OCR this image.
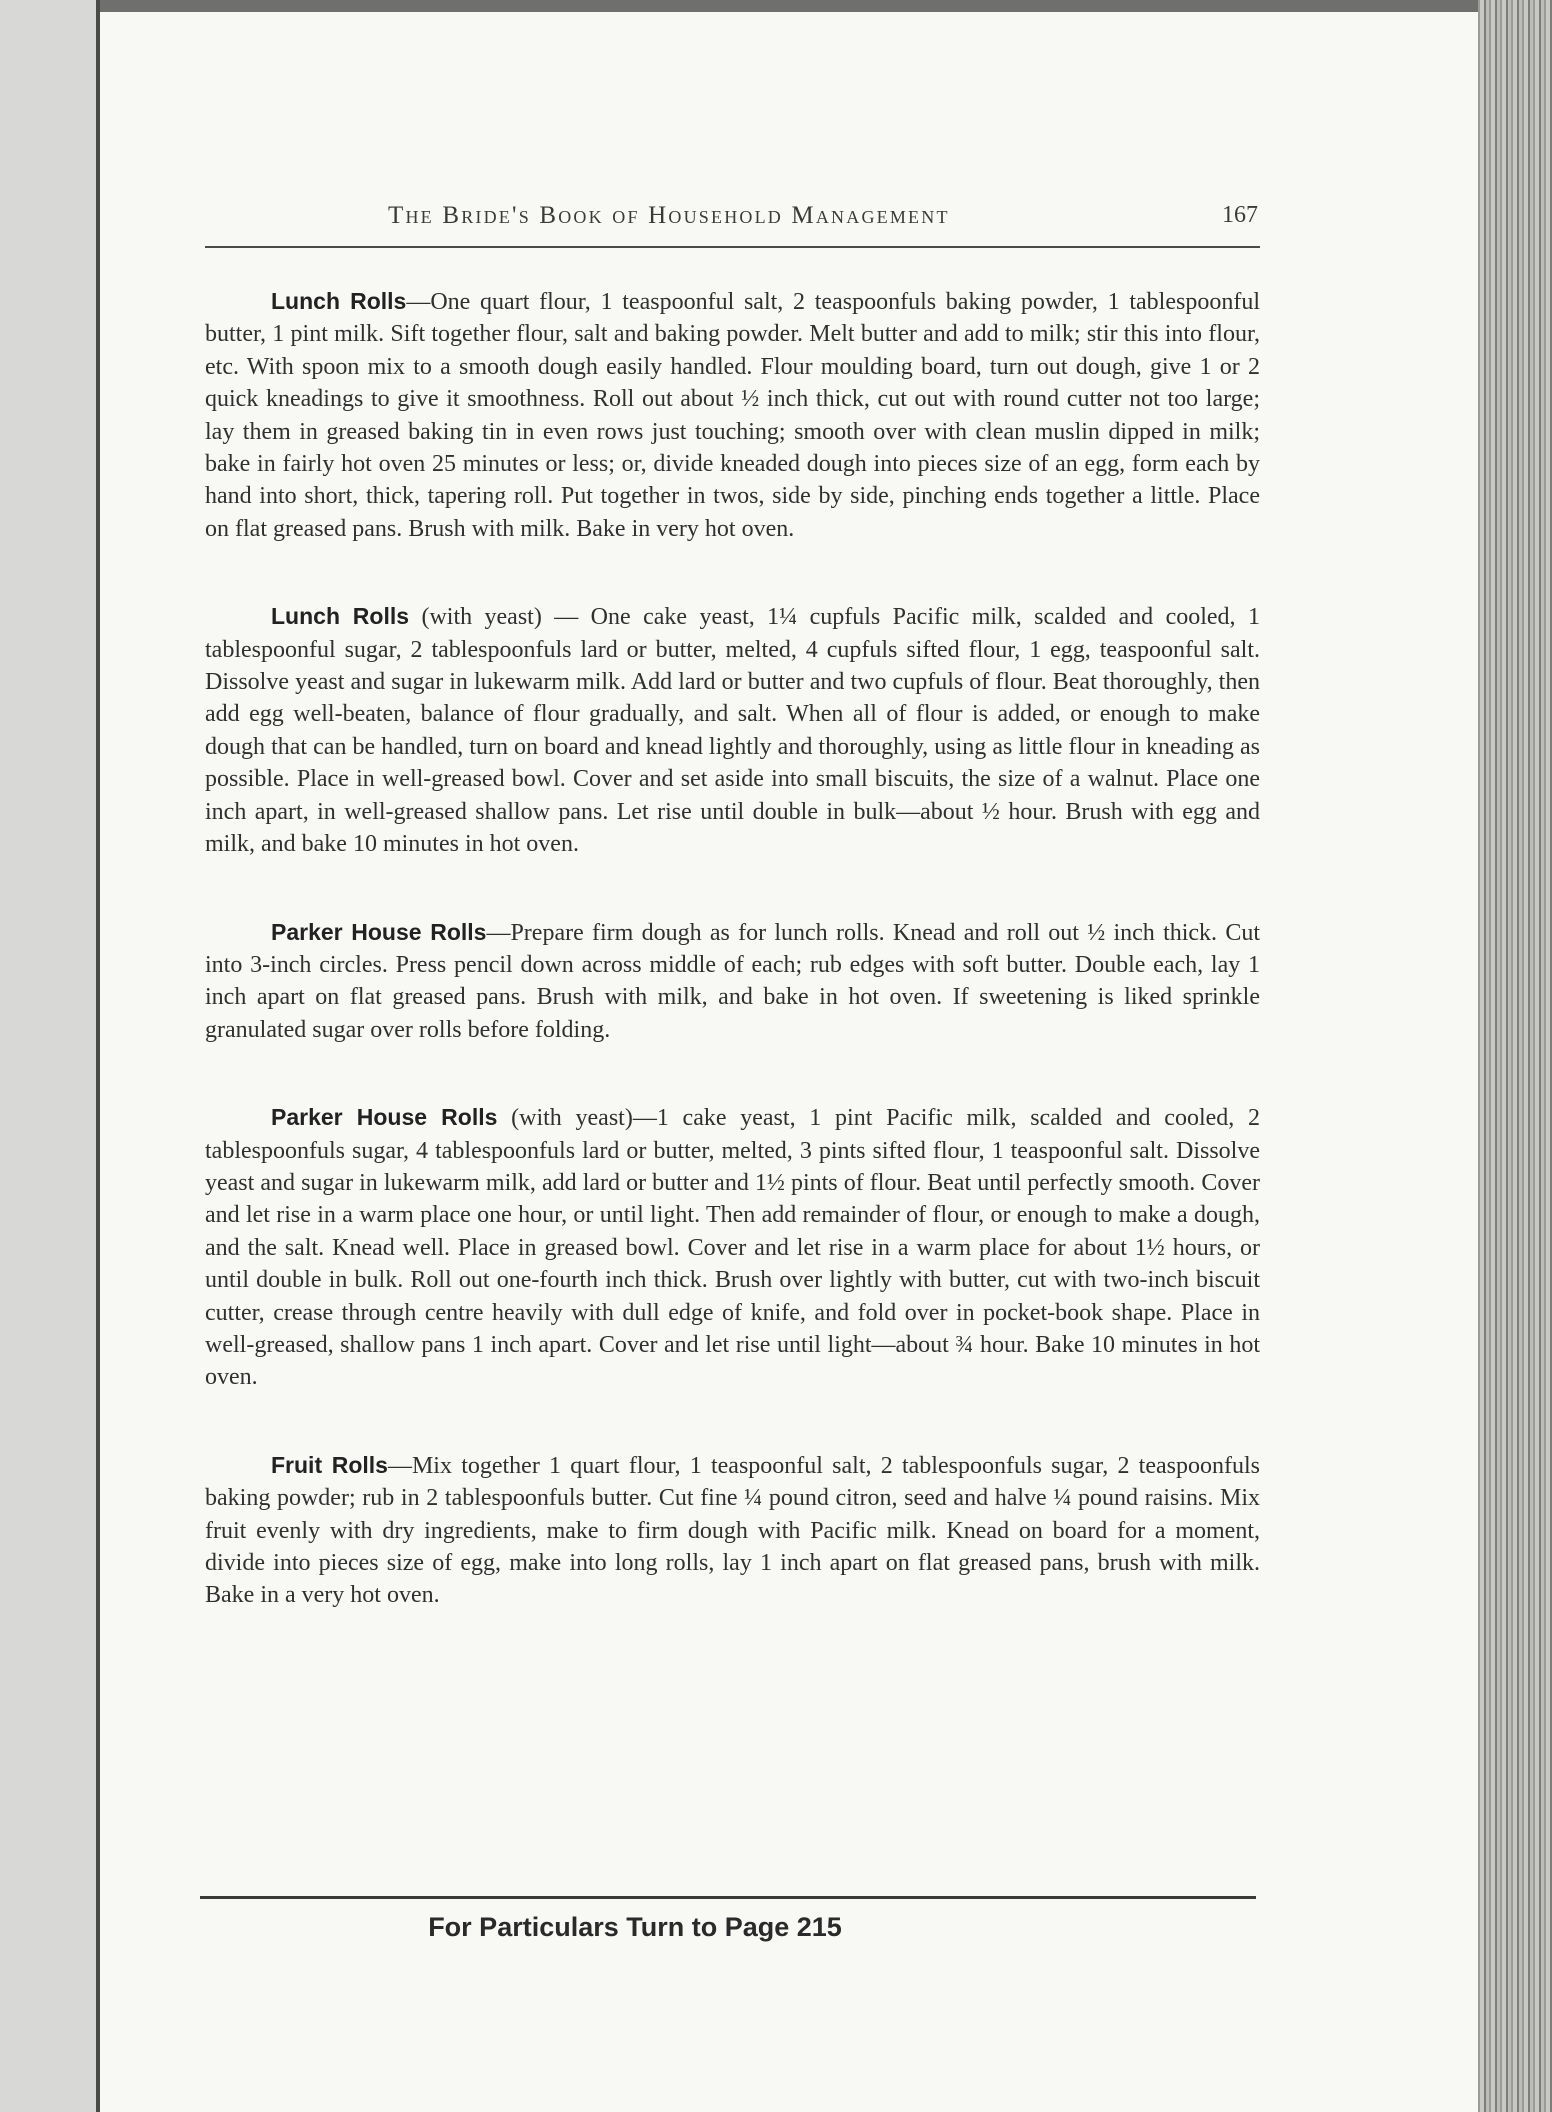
The Bride's Book of Household Management	167

Lunch Rolls—One quart flour, 1 teaspoonful salt, 2 teaspoonfuls baking powder, 1 tablespoonful butter, 1 pint milk. Sift together flour, salt and baking powder. Melt butter and add to milk; stir this into flour, etc. With spoon mix to a smooth dough easily handled. Flour moulding board, turn out dough, give 1 or 2 quick kneadings to give it smoothness. Roll out about ½ inch thick, cut out with round cutter not too large; lay them in greased baking tin in even rows just touching; smooth over with clean muslin dipped in milk; bake in fairly hot oven 25 minutes or less; or, divide kneaded dough into pieces size of an egg, form each by hand into short, thick, tapering roll. Put together in twos, side by side, pinching ends together a little. Place on flat greased pans. Brush with milk. Bake in very hot oven.

Lunch Rolls (with yeast) — One cake yeast, 1¼ cupfuls Pacific milk, scalded and cooled, 1 tablespoonful sugar, 2 tablespoonfuls lard or butter, melted, 4 cupfuls sifted flour, 1 egg, teaspoonful salt. Dissolve yeast and sugar in lukewarm milk. Add lard or butter and two cupfuls of flour. Beat thoroughly, then add egg well-beaten, balance of flour gradually, and salt. When all of flour is added, or enough to make dough that can be handled, turn on board and knead lightly and thoroughly, using as little flour in kneading as possible. Place in well-greased bowl. Cover and set aside into small biscuits, the size of a walnut. Place one inch apart, in well-greased shallow pans. Let rise until double in bulk—about ½ hour. Brush with egg and milk, and bake 10 minutes in hot oven.

Parker House Rolls—Prepare firm dough as for lunch rolls. Knead and roll out ½ inch thick. Cut into 3-inch circles. Press pencil down across middle of each; rub edges with soft butter. Double each, lay 1 inch apart on flat greased pans. Brush with milk, and bake in hot oven. If sweetening is liked sprinkle granulated sugar over rolls before folding.

Parker House Rolls (with yeast)—1 cake yeast, 1 pint Pacific milk, scalded and cooled, 2 tablespoonfuls sugar, 4 tablespoonfuls lard or butter, melted, 3 pints sifted flour, 1 teaspoonful salt. Dissolve yeast and sugar in lukewarm milk, add lard or butter and 1½ pints of flour. Beat until perfectly smooth. Cover and let rise in a warm place one hour, or until light. Then add remainder of flour, or enough to make a dough, and the salt. Knead well. Place in greased bowl. Cover and let rise in a warm place for about 1½ hours, or until double in bulk. Roll out one-fourth inch thick. Brush over lightly with butter, cut with two-inch biscuit cutter, crease through centre heavily with dull edge of knife, and fold over in pocket-book shape. Place in well-greased, shallow pans 1 inch apart. Cover and let rise until light—about ¾ hour. Bake 10 minutes in hot oven.

Fruit Rolls—Mix together 1 quart flour, 1 teaspoonful salt, 2 tablespoonfuls sugar, 2 teaspoonfuls baking powder; rub in 2 tablespoonfuls butter. Cut fine ¼ pound citron, seed and halve ¼ pound raisins. Mix fruit evenly with dry ingredients, make to firm dough with Pacific milk. Knead on board for a moment, divide into pieces size of egg, make into long rolls, lay 1 inch apart on flat greased pans, brush with milk. Bake in a very hot oven.

For Particulars Turn to Page 215
